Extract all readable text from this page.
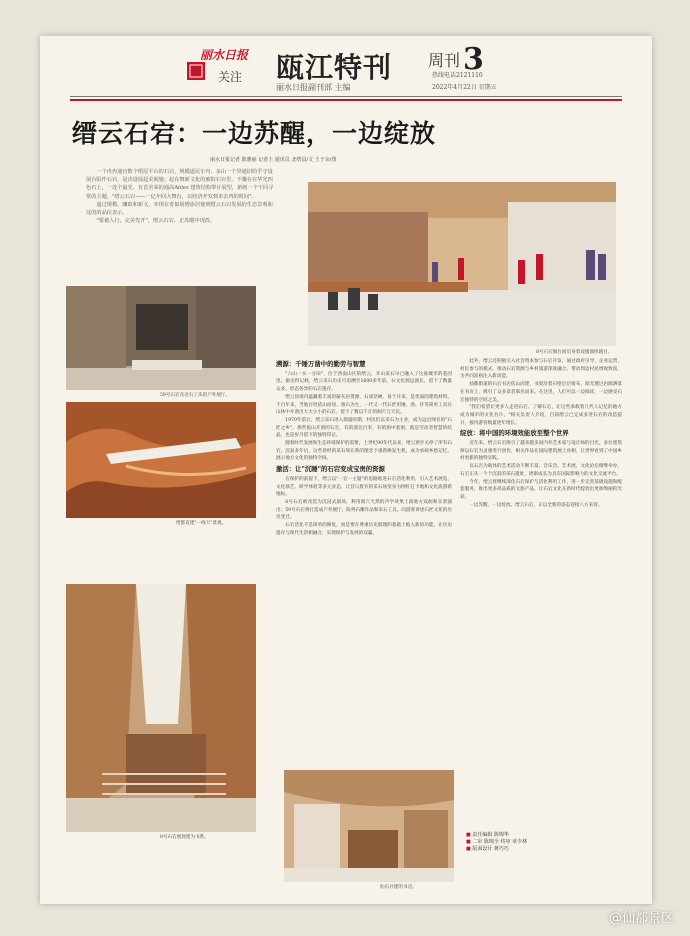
丽水日报
关注 瓯江特刊 周刊 3
丽水日报副刊部 主编
热线电话2121116
2022年4月22日 星期五
缙云石宕：一边苏醒，一边绽放
丽水日报记者 陈雅丽 记者士 通讯员 北缙县/文 王子余/图

一个冉冉通官数个缙原平台的石宕，规模道民车舟、多山一个异通旧的乎守设展台阳作石宕，是决设展起美阁施；起在舞新文化的被院石宕里，不骤在在华光四色石上，一处个最光、有首舍荣的通高Anles 建筑结构带计展型，新画一个不同寻常的主题，"缙云石宕——一亿年回大舞台，以经济开发到未去再的时间"。

通过规模、赚取和新文，亦现在奇似展增添居使到缙云石宕发展的生态景观和这的的品位表示。

"要被入行，完美先开"，缙云石宕，正苏醒中现改。

59号石宕及北石工乐的户外展厅。
缙都直建"一线天"景观。
8号石宕舞台演员身着戏服演绎剧目。
8号石宕展现建为书系。
仙石兵建的书店。
溯源：千锤万凿中的勤劳与智慧

"六山一水一分田"，位于西南山区的缙云，开山采石早已融入了这座城市的基因里。据史料记载，缙云采石历史可追溯至1600多年前，石文化源远流长，留下了数量众多、形态各异的石宕遗存。

缙云县境内蕴藏着丰富的凝灰岩资源，石质坚硬、易于开采，是优质的建筑材料。千百年来，当地百姓依山而居、凿石为生，一代又一代石匠用锤、凿、钎等简单工具在山体中开凿出大大小小的石宕，留下了数以千计的洞穴与天坑。

1970年前后，缙云采石进入鼎盛时期，村民们以采石为主业，成为远近闻名的"石匠之乡"。那些依山开凿的石宕，有的深达百米，有的洞中套洞，既是劳动者智慧的结晶，也是岁月留下的独特印记。

随着时代发展和生态环境保护的需要，上世纪90年代以来，缙云逐步关停了所有石宕。沉寂多年后，这些曾经的采石场在新的理念下重新焕发生机，成为承载乡愁记忆、展示地方文化的独特空间。

激活：让"沉睡"的石宕变成宝贵的资源

在保护的前提下，缙云以"一宕一主题"的思路推进石宕活化利用，引入艺术展览、文化演艺、研学体验等多元业态，让昔日废弃的采石场变身为网红打卡地和文化旅游新地标。

8号石宕被改造为沉浸式剧场，利用洞穴天然的声学效果上演地方戏曲和实景演出；59号石宕则打造成户外展厅，陈列石雕作品和采石工具，向游客讲述石匠文化的历史变迁。

石宕活化不是简单的修复，而是要在尊重历史肌理的基础上植入新的功能，让历史遗存与现代生活相融合，实现保护与发展的双赢。

此外，缙云还积极引入社会资本参与石宕开发，通过政府引导、企业运营、村民参与的模式，推动石宕资源与乡村旅游深度融合，带动周边村民增收致富，为共同富裕注入新动能。

仙都街道的石宕书店依山而建，书架沿着石壁层层排布，阳光透过岩隙洒落在书页上，吸引了众多读者慕名而来。在这里，人们可以一边阅读，一边感受石宕独特的空间之美。

"我们希望让更多人走进石宕、了解石宕，让这些承载着几代人记忆的地方成为城市的文化名片。"相关负责人介绍，目前缙云已完成多处石宕的改造提升，接待游客数量逐年增长。

绽放：将中国的环境效能放至整个世界

近年来，缙云石宕吸引了越来越多国内外艺术家与设计师的目光。多位建筑师以石宕为灵感进行创作，相关作品在国际建筑展上亮相，让世界看到了中国乡村更新的独特实践。

以石宕为载体的艺术活动不断丰富，音乐会、艺术展、文化论坛相继举办，石宕正从一个个沉寂的采石遗址，逐渐成长为具有国际影响力的文化交流平台。

今年，缙云将继续深化石宕保护与活化利用工作，进一步完善基础设施和配套服务，推出更多高品质的文旅产品，让石宕文化在新时代绽放出更加绚丽的光彩。

一边苏醒，一边绽放。缙云石宕，正以全新的姿态迎接八方来客。

■ 责任编辑 陈锦华
■ 二审 陈锦全 终审 章少林
■ 版面设计 蒋巧巧
@仙都景区
